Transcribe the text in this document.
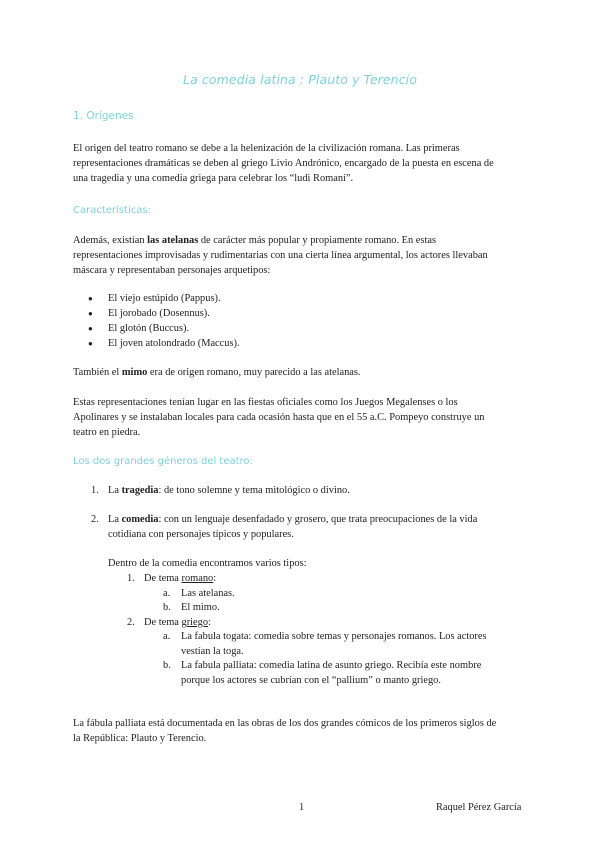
La comedia latina : Plauto y Terencio
1. Orígenes
El origen del teatro romano se debe a la helenización de la civilización romana. Las primeras
representaciones dramáticas se deben al griego Livio Andrónico, encargado de la puesta en escena de
una tragedia y una comedia griega para celebrar los “ludi Romani”.
Características:
Además, existían las atelanas de carácter más popular y propiamente romano. En estas
representaciones improvisadas y rudimentarias con una cierta línea argumental, los actores llevaban
máscara y representaban personajes arquetipos:
● El viejo estúpido (Pappus).
● El jorobado (Dosennus).
● El glotón (Buccus).
● El joven atolondrado (Maccus).
También el mimo era de origen romano, muy parecido a las atelanas.
Estas representaciones tenían lugar en las fiestas oficiales como los Juegos Megalenses o los
Apolinares y se instalaban locales para cada ocasión hasta que en el 55 a.C. Pompeyo construye un
teatro en piedra.
Los dos grandes géneros del teatro:
1. La tragedia: de tono solemne y tema mitológico o divino.
2. La comedia: con un lenguaje desenfadado y grosero, que trata preocupaciones de la vida
cotidiana con personajes típicos y populares.
Dentro de la comedia encontramos varios tipos:
1. De tema romano:
a. Las atelanas.
b. El mimo.
2. De tema griego:
a. La fabula togata: comedia sobre temas y personajes romanos. Los actores
vestían la toga.
b. La fabula palliata: comedia latina de asunto griego. Recibía este nombre
porque los actores se cubrían con el “pallium” o manto griego.
La fábula palliata está documentada en las obras de los dos grandes cómicos de los primeros siglos de
la República: Plauto y Terencio.
1	Raquel Pérez García
